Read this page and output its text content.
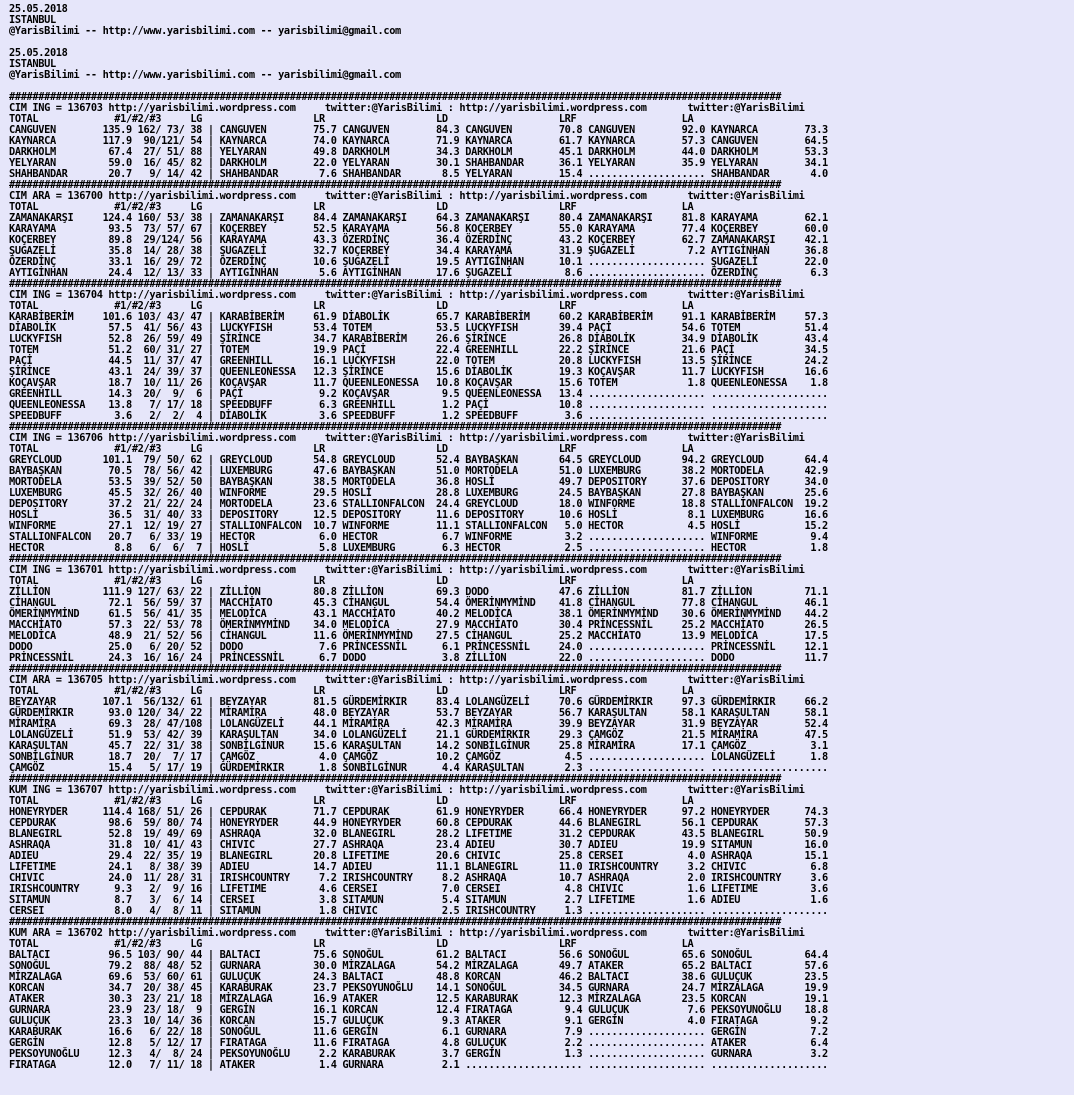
25.05.2018
ISTANBUL
@YarisBilimi -- http://www.yarisbilimi.com -- yarisbilimi@gmail.com
25.05.2018
ISTANBUL
@YarisBilimi -- http://www.yarisbilimi.com -- yarisbilimi@gmail.com
####################################################################################################################################
CIM ING = 136703 http://yarisbilimi.wordpress.com     twitter:@YarisBilimi : http://yarisbilimi.wordpress.com       twitter:@YarisBilimi
TOTAL             #1/#2/#3     LG                   LR                   LD                   LRF                  LA
CANGUVEN        135.9 162/ 73/ 38 | CANGUVEN        75.7 CANGUVEN        84.3 CANGUVEN        70.8 CANGUVEN        92.0 KAYNARCA        73.3
KAYNARCA        117.9  90/121/ 54 | KAYNARCA        74.0 KAYNARCA        71.9 KAYNARCA        61.7 KAYNARCA        57.3 CANGUVEN        64.5
DARKHOLM         67.4  27/ 51/ 88 | YELYARAN        49.8 DARKHOLM        34.3 DARKHOLM        45.1 DARKHOLM        44.0 DARKHOLM        53.3
YELYARAN         59.0  16/ 45/ 82 | DARKHOLM        22.0 YELYARAN        30.1 SHAHBANDAR      36.1 YELYARAN        35.9 YELYARAN        34.1
SHAHBANDAR       20.7   9/ 14/ 42 | SHAHBANDAR       7.6 SHAHBANDAR       8.5 YELYARAN        15.4 .................... SHAHBANDAR       4.0
####################################################################################################################################
CIM ARA = 136700 http://yarisbilimi.wordpress.com     twitter:@YarisBilimi : http://yarisbilimi.wordpress.com       twitter:@YarisBilimi
TOTAL             #1/#2/#3     LG                   LR                   LD                   LRF                  LA
ZAMANAKARŞI     124.4 160/ 53/ 38 | ZAMANAKARŞI     84.4 ZAMANAKARŞI     64.3 ZAMANAKARŞI     80.4 ZAMANAKARŞI     81.8 KARAYAMA        62.1
KARAYAMA         93.5  73/ 57/ 67 | KOÇERBEY        52.5 KARAYAMA        56.8 KOÇERBEY        55.0 KARAYAMA        77.4 KOÇERBEY        60.0
KOÇERBEY         89.8  29/124/ 56 | KARAYAMA        43.3 ÖZERDİNÇ        36.4 ÖZERDİNÇ        43.2 KOÇERBEY        62.7 ZAMANAKARŞI     42.1
ŞUGAZELİ         35.8  14/ 28/ 38 | ŞUGAZELİ        32.7 KOÇERBEY        34.4 KARAYAMA        31.9 ŞUGAZELİ         7.2 AYTIGİNHAN      36.8
ÖZERDİNÇ         33.1  16/ 29/ 72 | ÖZERDİNÇ        10.6 ŞUGAZELİ        19.5 AYTIGİNHAN      10.1 .................... ŞUGAZELİ        22.0
AYTIGİNHAN       24.4  12/ 13/ 33 | AYTIGİNHAN       5.6 AYTIGİNHAN      17.6 ŞUGAZELİ         8.6 .................... ÖZERDİNÇ         6.3
####################################################################################################################################
CIM ING = 136704 http://yarisbilimi.wordpress.com     twitter:@YarisBilimi : http://yarisbilimi.wordpress.com       twitter:@YarisBilimi
TOTAL             #1/#2/#3     LG                   LR                   LD                   LRF                  LA
KARABİBERİM     101.6 103/ 43/ 47 | KARABİBERİM     61.9 DİABOLİK        65.7 KARABİBERİM     60.2 KARABİBERİM     91.1 KARABİBERİM     57.3
DİABOLİK         57.5  41/ 56/ 43 | LUCKYFISH       53.4 TOTEM           53.5 LUCKYFISH       39.4 PAÇİ            54.6 TOTEM           51.4
LUCKYFISH        52.8  26/ 59/ 49 | ŞİRİNCE         34.7 KARABİBERİM     26.6 ŞİRİNCE         26.8 DİABOLİK        34.9 DİABOLİK        43.4
TOTEM            51.2  60/ 31/ 27 | TOTEM           19.9 PAÇİ            22.4 GREENHILL       22.2 ŞİRİNCE         21.6 PAÇİ            34.5
PAÇİ             44.5  11/ 37/ 47 | GREENHILL       16.1 LUCKYFISH       22.0 TOTEM           20.8 LUCKYFISH       13.5 ŞİRİNCE         24.2
ŞİRİNCE          43.1  24/ 39/ 37 | QUEENLEONESSA   12.3 ŞİRİNCE         15.6 DİABOLİK        19.3 KOÇAVŞAR        11.7 LUCKYFISH       16.6
KOÇAVŞAR         18.7  10/ 11/ 26 | KOÇAVŞAR        11.7 QUEENLEONESSA   10.8 KOÇAVŞAR        15.6 TOTEM            1.8 QUEENLEONESSA    1.8
GREENHILL        14.3  20/  9/  6 | PAÇİ             9.2 KOÇAVŞAR         9.5 QUEENLEONESSA   13.4 .................... ....................
QUEENLEONESSA    13.8   7/ 17/ 18 | SPEEDBUFF        6.3 GREENHILL        1.2 PAÇİ            10.8 .................... ....................
SPEEDBUFF         3.6   2/  2/  4 | DİABOLİK         3.6 SPEEDBUFF        1.2 SPEEDBUFF        3.6 .................... ....................
####################################################################################################################################
CIM ING = 136706 http://yarisbilimi.wordpress.com     twitter:@YarisBilimi : http://yarisbilimi.wordpress.com       twitter:@YarisBilimi
TOTAL             #1/#2/#3     LG                   LR                   LD                   LRF                  LA
GREYCLOUD       101.1  79/ 50/ 62 | GREYCLOUD       54.8 GREYCLOUD       52.4 BAYBAŞKAN       64.5 GREYCLOUD       94.2 GREYCLOUD       64.4
BAYBAŞKAN        70.5  78/ 56/ 42 | LUXEMBURG       47.6 BAYBAŞKAN       51.0 MORTODELA       51.0 LUXEMBURG       38.2 MORTODELA       42.9
MORTODELA        53.5  39/ 52/ 50 | BAYBAŞKAN       38.5 MORTODELA       36.8 HOSLİ           49.7 DEPOSITORY      37.6 DEPOSITORY      34.0
LUXEMBURG        45.5  32/ 26/ 40 | WINFORME        29.5 HOSLİ           28.8 LUXEMBURG       24.5 BAYBAŞKAN       27.8 BAYBAŞKAN       25.6
DEPOSITORY       37.2  21/ 22/ 24 | MORTODELA       23.6 STALLIONFALCON  24.4 GREYCLOUD       18.0 WINFORME        18.8 STALLIONFALCON  19.2
HOSLİ            36.5  31/ 40/ 33 | DEPOSITORY      12.5 DEPOSITORY      11.6 DEPOSITORY      10.6 HOSLİ            8.1 LUXEMBURG       16.6
WINFORME         27.1  12/ 19/ 27 | STALLIONFALCON  10.7 WINFORME        11.1 STALLIONFALCON   5.0 HECTOR           4.5 HOSLİ           15.2
STALLIONFALCON   20.7   6/ 33/ 19 | HECTOR           6.0 HECTOR           6.7 WINFORME         3.2 .................... WINFORME         9.4
HECTOR            8.8   6/  6/  7 | HOSLİ            5.8 LUXEMBURG        6.3 HECTOR           2.5 .................... HECTOR           1.8
####################################################################################################################################
CIM ING = 136701 http://yarisbilimi.wordpress.com     twitter:@YarisBilimi : http://yarisbilimi.wordpress.com       twitter:@YarisBilimi
TOTAL             #1/#2/#3     LG                   LR                   LD                   LRF                  LA
ZİLLİON         111.9 127/ 63/ 22 | ZİLLİON         80.8 ZİLLİON         69.3 DODO            47.6 ZİLLİON         81.7 ZİLLİON         71.1
CİHANGUL         72.1  56/ 59/ 37 | MACCHİATO       45.3 CİHANGUL        54.4 ÖMERİNMYMİND    41.8 CİHANGUL        77.8 CİHANGUL        46.1
ÖMERİNMYMİND     61.5  56/ 41/ 35 | MELODİCA        43.1 MACCHİATO       40.2 MELODİCA        38.1 ÖMERİNMYMİND    30.6 ÖMERİNMYMİND    44.2
MACCHİATO        57.3  22/ 53/ 78 | ÖMERİNMYMİND    34.0 MELODİCA        27.9 MACCHİATO       30.4 PRİNCESSNİL     25.2 MACCHİATO       26.5
MELODİCA         48.9  21/ 52/ 56 | CİHANGUL        11.6 ÖMERİNMYMİND    27.5 CİHANGUL        25.2 MACCHİATO       13.9 MELODİCA        17.5
DODO             25.0   6/ 20/ 52 | DODO             7.6 PRİNCESSNİL      6.1 PRİNCESSNİL     24.0 .................... PRİNCESSNİL     12.1
PRİNCESSNİL      24.3  16/ 16/ 24 | PRİNCESSNİL      6.7 DODO             3.8 ZİLLİON         22.0 .................... DODO            11.7
####################################################################################################################################
CIM ARA = 136705 http://yarisbilimi.wordpress.com     twitter:@YarisBilimi : http://yarisbilimi.wordpress.com       twitter:@YarisBilimi
TOTAL             #1/#2/#3     LG                   LR                   LD                   LRF                  LA
BEYZAYAR        107.1  56/132/ 61 | BEYZAYAR        81.5 GÜRDEMİRKIR     83.4 LOLANGÜZELİ     70.6 GÜRDEMİRKIR     97.3 GÜRDEMİRKIR     66.2
GÜRDEMİRKIR      93.0 120/ 34/ 22 | MİRAMİRA        48.0 BEYZAYAR        53.7 BEYZAYAR        56.7 KARAŞULTAN      58.1 KARAŞULTAN      58.1
MİRAMİRA         69.3  28/ 47/108 | LOLANGÜZELİ     44.1 MİRAMİRA        42.3 MİRAMİRA        39.9 BEYZAYAR        31.9 BEYZAYAR        52.4
LOLANGÜZELİ      51.9  53/ 42/ 39 | KARAŞULTAN      34.0 LOLANGÜZELİ     21.1 GÜRDEMİRKIR     29.3 ÇAMGÖZ          21.5 MİRAMİRA        47.5
KARAŞULTAN       45.7  22/ 31/ 38 | SONBİLGİNUR     15.6 KARAŞULTAN      14.2 SONBİLGİNUR     25.8 MİRAMİRA        17.1 ÇAMGÖZ           3.1
SONBİLGİNUR      18.7  20/  7/ 17 | ÇAMGÖZ           4.0 ÇAMGÖZ          10.2 ÇAMGÖZ           4.5 .................... LOLANGÜZELİ      1.8
ÇAMGÖZ           15.4   5/ 17/ 19 | GÜRDEMİRKIR      1.8 SONBİLGİNUR      4.4 KARAŞULTAN       2.3 .................... ....................
####################################################################################################################################
KUM ING = 136707 http://yarisbilimi.wordpress.com     twitter:@YarisBilimi : http://yarisbilimi.wordpress.com       twitter:@YarisBilimi
TOTAL             #1/#2/#3     LG                   LR                   LD                   LRF                  LA
HONEYRYDER      114.4 168/ 51/ 26 | CEPDURAK        71.7 CEPDURAK        61.9 HONEYRYDER      66.4 HONEYRYDER      97.2 HONEYRYDER      74.3
CEPDURAK         98.6  59/ 80/ 74 | HONEYRYDER      44.9 HONEYRYDER      60.8 CEPDURAK        44.6 BLANEGIRL       56.1 CEPDURAK        57.3
BLANEGIRL        52.8  19/ 49/ 69 | ASHRAQA         32.0 BLANEGIRL       28.2 LIFETIME        31.2 CEPDURAK        43.5 BLANEGIRL       50.9
ASHRAQA          31.8  10/ 41/ 43 | CHIVIC          27.7 ASHRAQA         23.4 ADIEU           30.7 ADIEU           19.9 SITAMUN         16.0
ADIEU            29.4  22/ 35/ 19 | BLANEGIRL       20.8 LIFETIME        20.6 CHIVIC          25.8 CERSEI           4.0 ASHRAQA         15.1
LIFETIME         24.1   8/ 38/ 39 | ADIEU           14.7 ADIEU           11.1 BLANEGIRL       11.0 IRISHCOUNTRY     3.2 CHIVIC           6.8
CHIVIC           24.0  11/ 28/ 31 | IRISHCOUNTRY     7.2 IRISHCOUNTRY     8.2 ASHRAQA         10.7 ASHRAQA          2.0 IRISHCOUNTRY     3.6
IRISHCOUNTRY      9.3   2/  9/ 16 | LIFETIME         4.6 CERSEI           7.0 CERSEI           4.8 CHIVIC           1.6 LIFETIME         3.6
SITAMUN           8.7   3/  6/ 14 | CERSEI           3.8 SITAMUN          5.4 SITAMUN          2.7 LIFETIME         1.6 ADIEU            1.6
CERSEI            8.0   4/  8/ 11 | SITAMUN          1.8 CHIVIC           2.5 IRISHCOUNTRY     1.3 .................... ....................
####################################################################################################################################
KUM ARA = 136702 http://yarisbilimi.wordpress.com     twitter:@YarisBilimi : http://yarisbilimi.wordpress.com       twitter:@YarisBilimi
TOTAL             #1/#2/#3     LG                   LR                   LD                   LRF                  LA
BALTACI          96.5 103/ 90/ 44 | BALTACI         75.6 SONOĞUL         61.2 BALTACI         56.6 SONOĞUL         65.6 SONOĞUL         64.4
SONOĞUL          79.2  88/ 48/ 52 | GURNARA         30.0 MİRZALAGA       54.2 MİRZALAGA       49.7 ATAKER          65.2 BALTACI         57.6
MİRZALAGA        69.6  53/ 60/ 61 | GULUÇUK         24.3 BALTACI         48.8 KORCAN          46.2 BALTACI         38.6 GULUÇUK         23.5
KORCAN           34.7  20/ 38/ 45 | KARABURAK       23.7 PEKSOYUNOĞLU    14.1 SONOĞUL         34.5 GURNARA         24.7 MİRZALAGA       19.9
ATAKER           30.3  23/ 21/ 18 | MİRZALAGA       16.9 ATAKER          12.5 KARABURAK       12.3 MİRZALAGA       23.5 KORCAN          19.1
GURNARA          23.9  23/ 18/  9 | GERGİN          16.1 KORCAN          12.4 FIRATAGA         9.4 GULUÇUK          7.6 PEKSOYUNOĞLU    18.8
GULUÇUK          23.3  10/ 14/ 36 | KORCAN          15.7 GULUÇUK          9.3 ATAKER           9.1 GERGİN           4.0 FIRATAGA         9.2
KARABURAK        16.6   6/ 22/ 18 | SONOĞUL         11.6 GERGİN           6.1 GURNARA          7.9 .................... GERGİN           7.2
GERGİN           12.8   5/ 12/ 17 | FIRATAGA        11.6 FIRATAGA         4.8 GULUÇUK          2.2 .................... ATAKER           6.4
PEKSOYUNOĞLU     12.3   4/  8/ 24 | PEKSOYUNOĞLU     2.2 KARABURAK        3.7 GERGİN           1.3 .................... GURNARA          3.2
FIRATAGA         12.0   7/ 11/ 18 | ATAKER           1.4 GURNARA          2.1 .................... .................... ....................
